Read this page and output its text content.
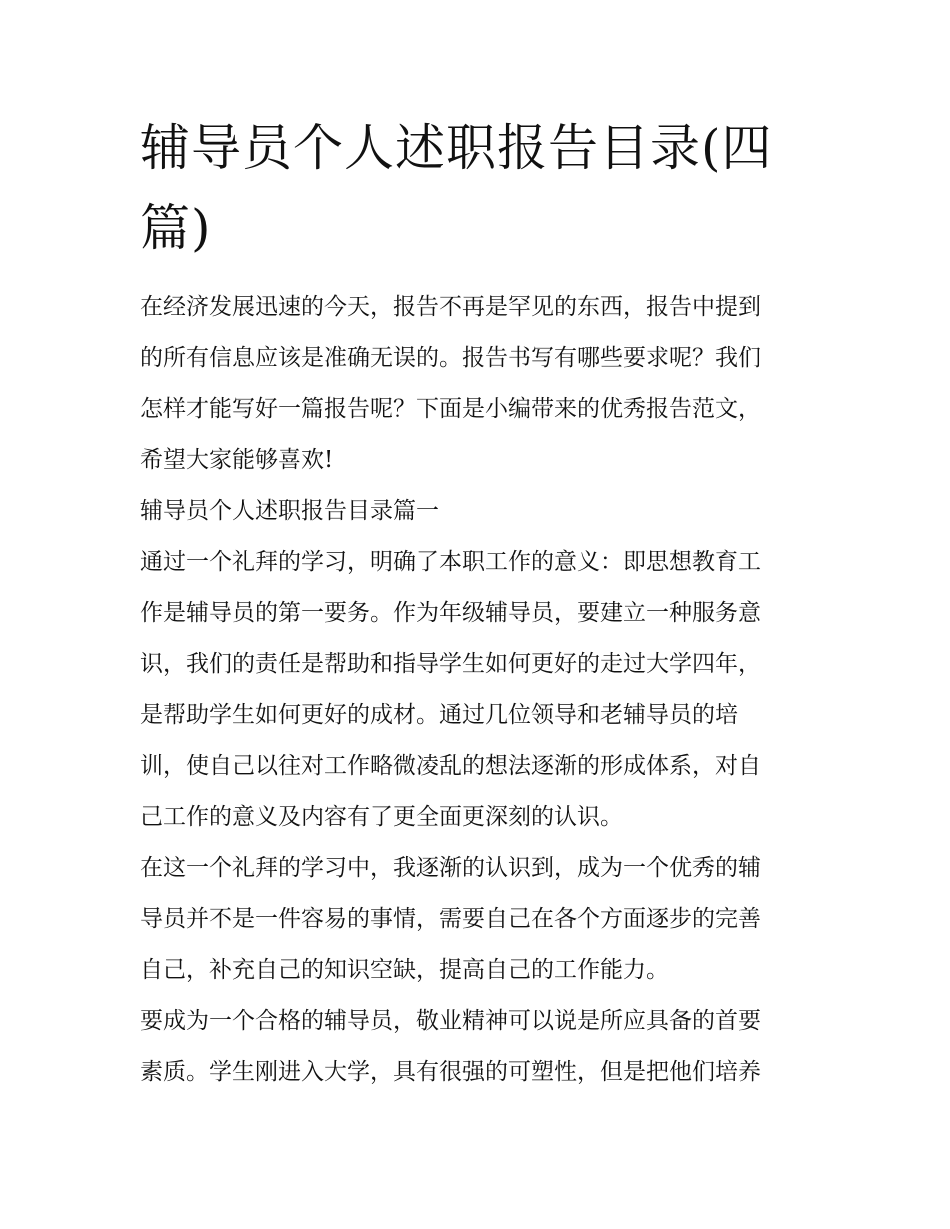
辅导员个人述职报告目录(四
篇)
在经济发展迅速的今天，报告不再是罕见的东西，报告中提到
的所有信息应该是准确无误的。报告书写有哪些要求呢？我们
怎样才能写好一篇报告呢？下面是小编带来的优秀报告范文，
希望大家能够喜欢!
辅导员个人述职报告目录篇一
通过一个礼拜的学习，明确了本职工作的意义：即思想教育工
作是辅导员的第一要务。作为年级辅导员，要建立一种服务意
识，我们的责任是帮助和指导学生如何更好的走过大学四年，
是帮助学生如何更好的成材。通过几位领导和老辅导员的培
训，使自己以往对工作略微凌乱的想法逐渐的形成体系，对自
己工作的意义及内容有了更全面更深刻的认识。
在这一个礼拜的学习中，我逐渐的认识到，成为一个优秀的辅
导员并不是一件容易的事情，需要自己在各个方面逐步的完善
自己，补充自己的知识空缺，提高自己的工作能力。
要成为一个合格的辅导员，敬业精神可以说是所应具备的首要
素质。学生刚进入大学，具有很强的可塑性，但是把他们培养
